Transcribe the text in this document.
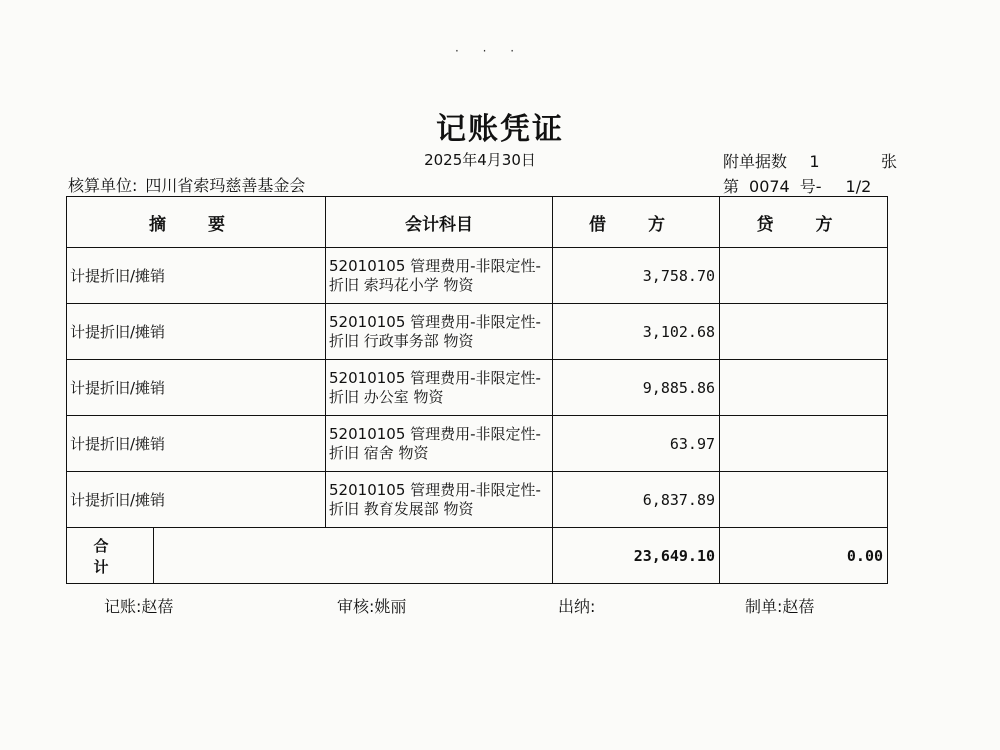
· · ·
记账凭证
2025年4月30日
核算单位: 四川省索玛慈善基金会
附单据数 1	张
第 0074 号- 1/2
摘 要		会计科目	借 方	贷 方
计提折旧/摊销		52010105 管理费用-非限定性-
折旧 索玛花小学 物资	3,758.70	
计提折旧/摊销		52010105 管理费用-非限定性-
折旧 行政事务部 物资	3,102.68	
计提折旧/摊销		52010105 管理费用-非限定性-
折旧 办公室 物资	9,885.86	
计提折旧/摊销		52010105 管理费用-非限定性-
折旧 宿舍 物资	63.97	
计提折旧/摊销		52010105 管理费用-非限定性-
折旧 教育发展部 物资	6,837.89	
合 计			23,649.10	0.00
记账:赵蓓	审核:姚丽	出纳:	制单:赵蓓
